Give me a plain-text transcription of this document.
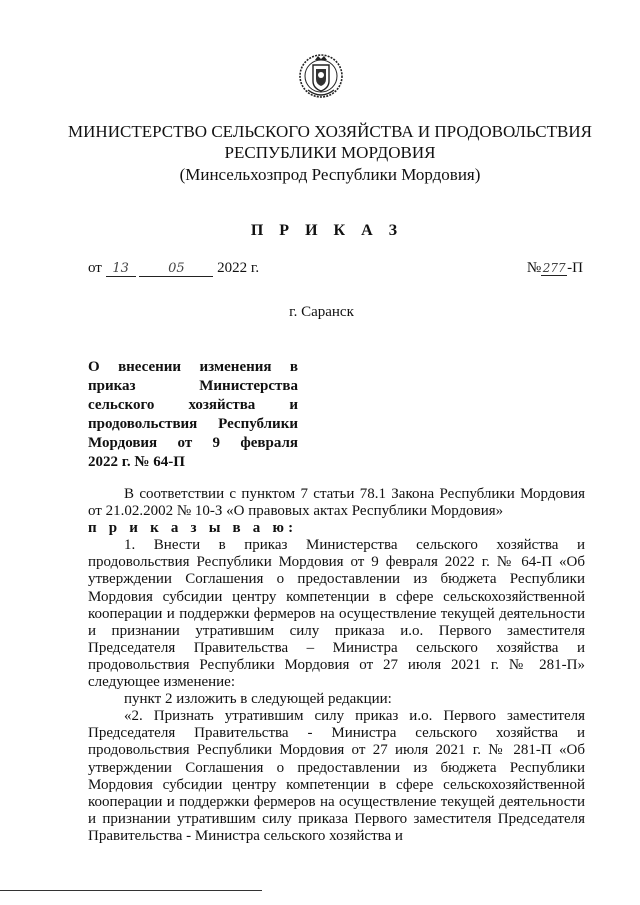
МИНИСТЕРСТВО СЕЛЬСКОГО ХОЗЯЙСТВА И ПРОДОВОЛЬСТВИЯ
РЕСПУБЛИКИ МОРДОВИЯ
(Минсельхозпрод Республики Мордовия)
П Р И К А З
от 13	05 2022 г.	№ 277 -П
г. Саранск
О внесении изменения в приказ Министерства сельского хозяйства и продовольствия Республики Мордовия от 9 февраля
2022 г. № 64-П

В соответствии с пунктом 7 статьи 78.1 Закона Республики Мордовия от 21.02.2002 № 10-З «О правовых актах Республики Мордовия»

п р и к а з ы в а ю:

1. Внести в приказ Министерства сельского хозяйства и продовольствия Республики Мордовия от 9 февраля 2022 г. № 64-П «Об утверждении Соглашения о предоставлении из бюджета Республики Мордовия субсидии центру компетенции в сфере сельскохозяйственной кооперации и поддержки фермеров на осуществление текущей деятельности и признании утратившим силу приказа и.о. Первого заместителя Председателя Правительства – Министра сельского хозяйства и продовольствия Республики Мордовия от 27 июля 2021 г. № 281-П» следующее изменение:

пункт 2 изложить в следующей редакции:

«2. Признать утратившим силу приказ и.о. Первого заместителя Председателя Правительства - Министра сельского хозяйства и продовольствия Республики Мордовия от 27 июля 2021 г. № 281-П «Об утверждении Соглашения о предоставлении из бюджета Республики Мордовия субсидии центру компетенции в сфере сельскохозяйственной кооперации и поддержки фермеров на осуществление текущей деятельности и признании утратившим силу приказа Первого заместителя Председателя Правительства - Министра сельского хозяйства и
